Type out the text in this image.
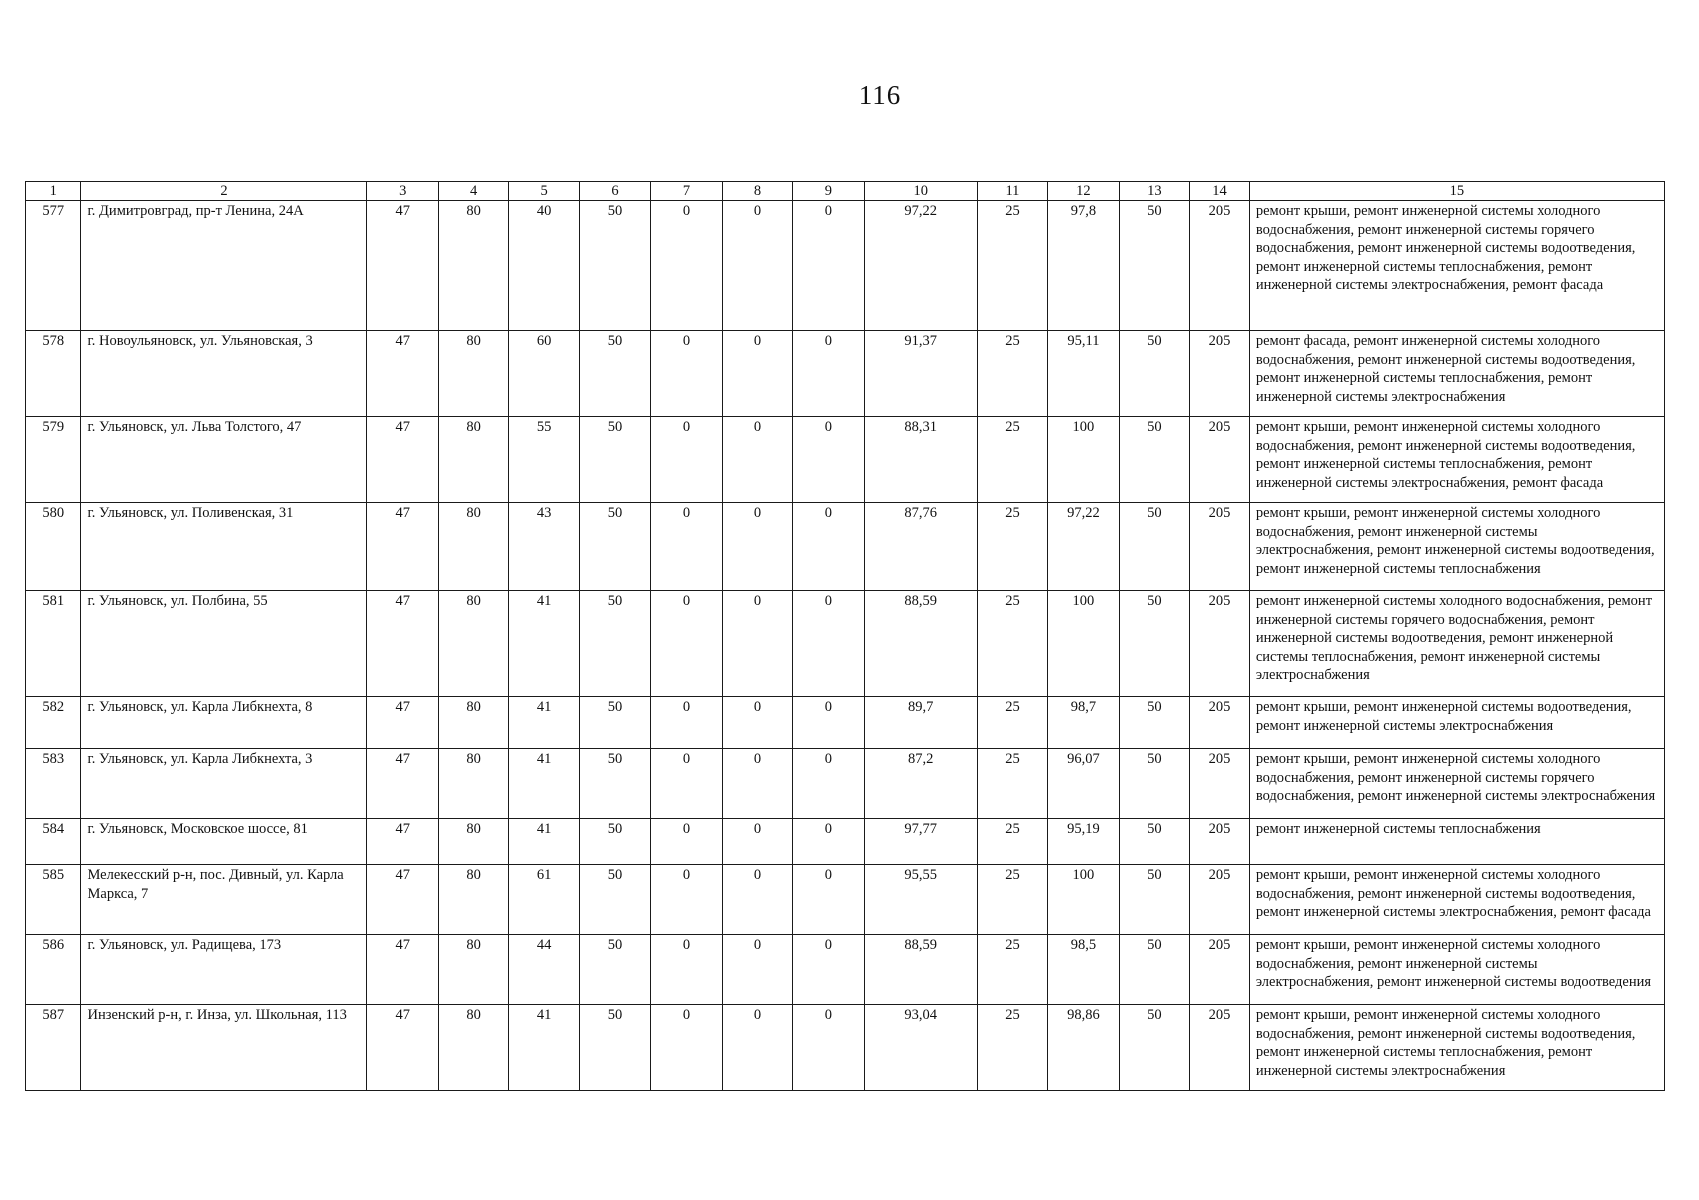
116
1	2	3	4	5	6	7	8	9	10	11	12	13	14	15
577	г. Димитровград, пр-т Ленина, 24А	47	80	40	50	0	0	0	97,22	25	97,8	50	205	ремонт крыши, ремонт инженерной системы холодного водоснабжения, ремонт инженерной системы горячего водоснабжения, ремонт инженерной системы водоотведения, ремонт инженерной системы теплоснабжения, ремонт инженерной системы электроснабжения, ремонт фасада
578	г. Новоульяновск, ул. Ульяновская, 3	47	80	60	50	0	0	0	91,37	25	95,11	50	205	ремонт фасада, ремонт инженерной системы холодного водоснабжения, ремонт инженерной системы водоотведения, ремонт инженерной системы теплоснабжения, ремонт инженерной системы электроснабжения
579	г. Ульяновск, ул. Льва Толстого, 47	47	80	55	50	0	0	0	88,31	25	100	50	205	ремонт крыши, ремонт инженерной системы холодного водоснабжения, ремонт инженерной системы водоотведения, ремонт инженерной системы теплоснабжения, ремонт инженерной системы электроснабжения, ремонт фасада
580	г. Ульяновск, ул. Поливенская, 31	47	80	43	50	0	0	0	87,76	25	97,22	50	205	ремонт крыши, ремонт инженерной системы холодного водоснабжения, ремонт инженерной системы электроснабжения, ремонт инженерной системы водоотведения, ремонт инженерной системы теплоснабжения
581	г. Ульяновск, ул. Полбина, 55	47	80	41	50	0	0	0	88,59	25	100	50	205	ремонт инженерной системы холодного водоснабжения, ремонт инженерной системы горячего водоснабжения, ремонт инженерной системы водоотведения, ремонт инженерной системы теплоснабжения, ремонт инженерной системы электроснабжения
582	г. Ульяновск, ул. Карла Либкнехта, 8	47	80	41	50	0	0	0	89,7	25	98,7	50	205	ремонт крыши, ремонт инженерной системы водоотведения, ремонт инженерной системы электроснабжения
583	г. Ульяновск, ул. Карла Либкнехта, 3	47	80	41	50	0	0	0	87,2	25	96,07	50	205	ремонт крыши, ремонт инженерной системы холодного водоснабжения, ремонт инженерной системы горячего водоснабжения, ремонт инженерной системы электроснабжения
584	г. Ульяновск, Московское шоссе, 81	47	80	41	50	0	0	0	97,77	25	95,19	50	205	ремонт инженерной системы теплоснабжения
585	Мелекесский р-н, пос. Дивный, ул. Карла Маркса, 7	47	80	61	50	0	0	0	95,55	25	100	50	205	ремонт крыши, ремонт инженерной системы холодного водоснабжения, ремонт инженерной системы водоотведения, ремонт инженерной системы электроснабжения, ремонт фасада
586	г. Ульяновск, ул. Радищева, 173	47	80	44	50	0	0	0	88,59	25	98,5	50	205	ремонт крыши, ремонт инженерной системы холодного водоснабжения, ремонт инженерной системы электроснабжения, ремонт инженерной системы водоотведения
587	Инзенский р-н, г. Инза, ул. Школьная, 113	47	80	41	50	0	0	0	93,04	25	98,86	50	205	ремонт крыши, ремонт инженерной системы холодного водоснабжения, ремонт инженерной системы водоотведения, ремонт инженерной системы теплоснабжения, ремонт инженерной системы электроснабжения
